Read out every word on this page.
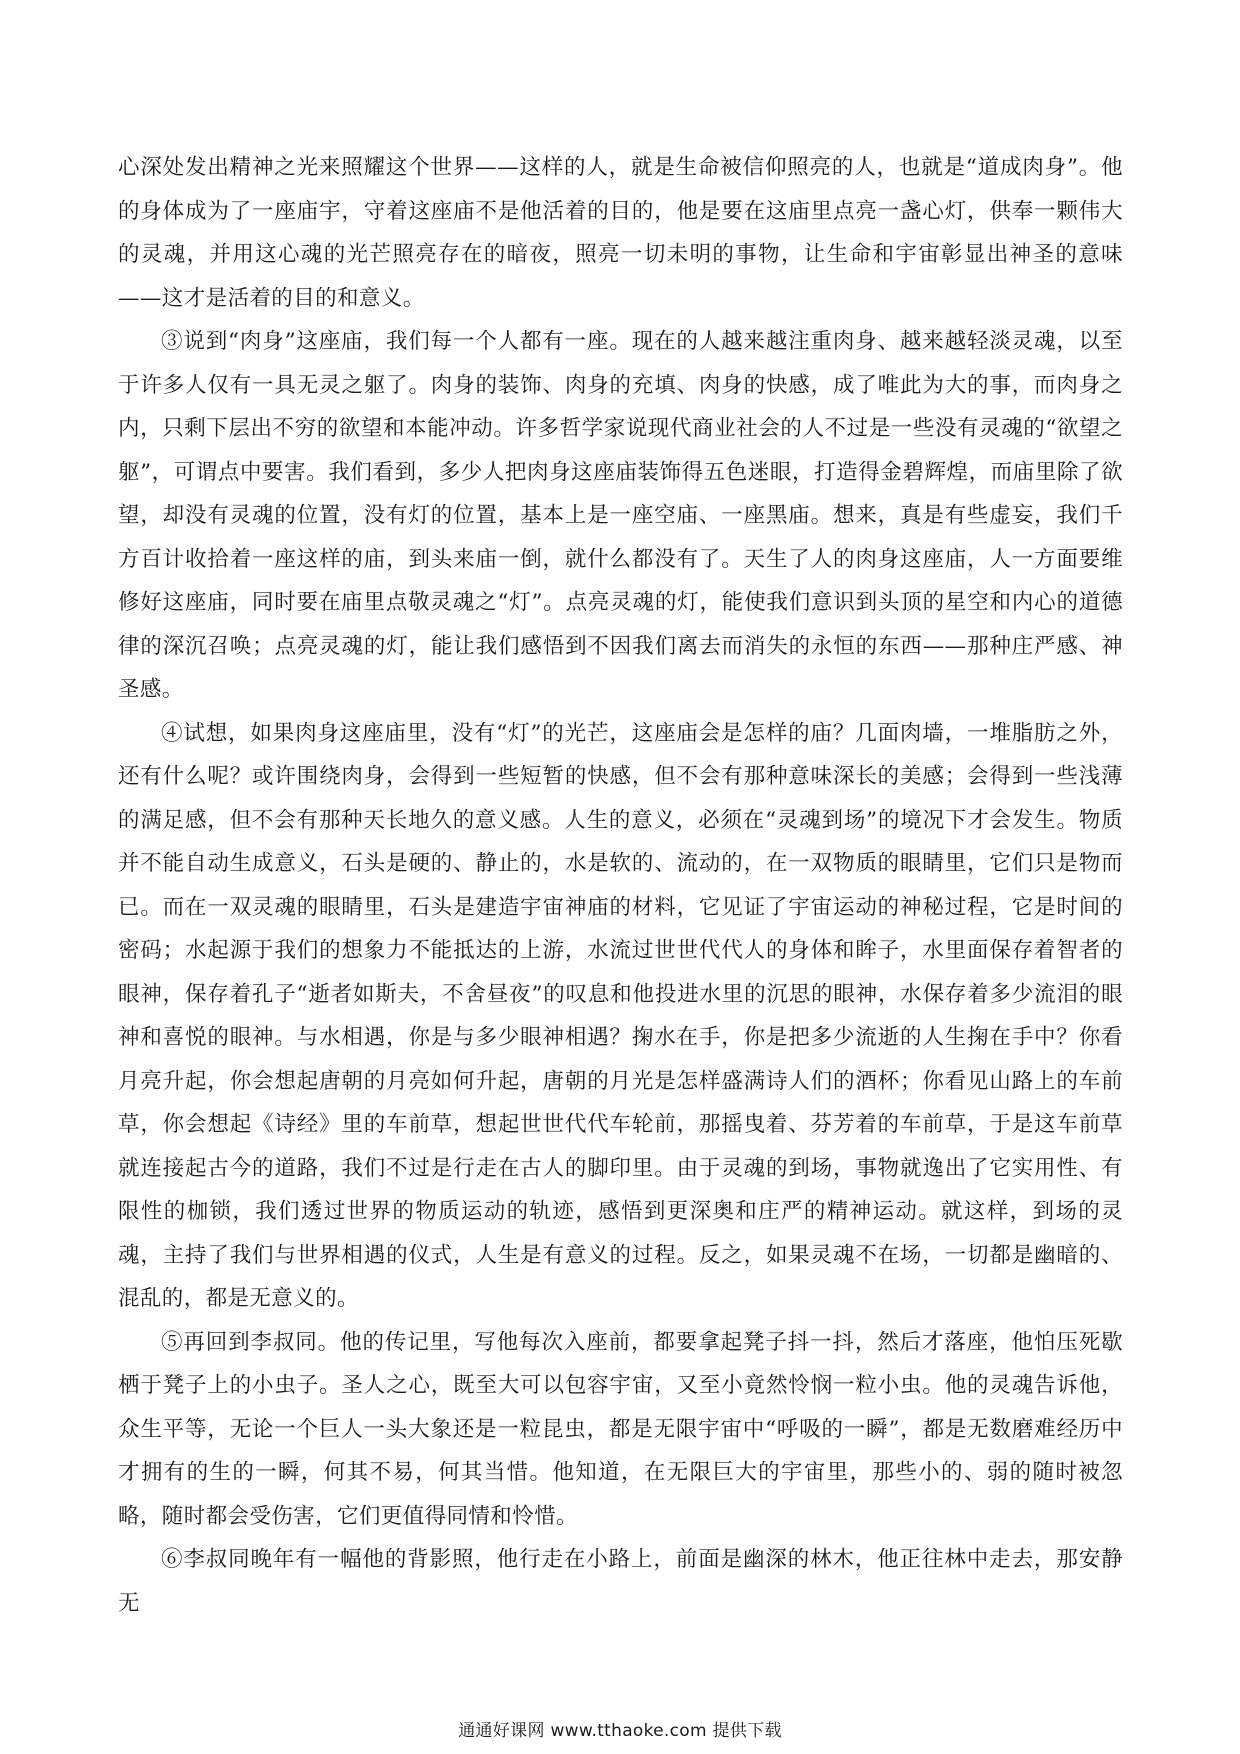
心深处发出精神之光来照耀这个世界——这样的人，就是生命被信仰照亮的人，也就是“道成肉身”。他的身体成为了一座庙宇，守着这座庙不是他活着的目的，他是要在这庙里点亮一盏心灯，供奉一颗伟大的灵魂，并用这心魂的光芒照亮存在的暗夜，照亮一切未明的事物，让生命和宇宙彰显出神圣的意味——这才是活着的目的和意义。

③说到“肉身”这座庙，我们每一个人都有一座。现在的人越来越注重肉身、越来越轻淡灵魂，以至于许多人仅有一具无灵之躯了。肉身的装饰、肉身的充填、肉身的快感，成了唯此为大的事，而肉身之内，只剩下层出不穷的欲望和本能冲动。许多哲学家说现代商业社会的人不过是一些没有灵魂的“欲望之躯”，可谓点中要害。我们看到，多少人把肉身这座庙装饰得五色迷眼，打造得金碧辉煌，而庙里除了欲望，却没有灵魂的位置，没有灯的位置，基本上是一座空庙、一座黑庙。想来，真是有些虚妄，我们千方百计收拾着一座这样的庙，到头来庙一倒，就什么都没有了。天生了人的肉身这座庙，人一方面要维修好这座庙，同时要在庙里点敬灵魂之“灯”。点亮灵魂的灯，能使我们意识到头顶的星空和内心的道德律的深沉召唤；点亮灵魂的灯，能让我们感悟到不因我们离去而消失的永恒的东西——那种庄严感、神圣感。

④试想，如果肉身这座庙里，没有“灯”的光芒，这座庙会是怎样的庙？几面肉墙，一堆脂肪之外，还有什么呢？或许围绕肉身，会得到一些短暂的快感，但不会有那种意味深长的美感；会得到一些浅薄的满足感，但不会有那种天长地久的意义感。人生的意义，必须在“灵魂到场”的境况下才会发生。物质并不能自动生成意义，石头是硬的、静止的，水是软的、流动的，在一双物质的眼睛里，它们只是物而已。而在一双灵魂的眼睛里，石头是建造宇宙神庙的材料，它见证了宇宙运动的神秘过程，它是时间的密码；水起源于我们的想象力不能抵达的上游，水流过世世代代人的身体和眸子，水里面保存着智者的眼神，保存着孔子“逝者如斯夫，不舍昼夜”的叹息和他投进水里的沉思的眼神，水保存着多少流泪的眼神和喜悦的眼神。与水相遇，你是与多少眼神相遇？掬水在手，你是把多少流逝的人生掬在手中？你看月亮升起，你会想起唐朝的月亮如何升起，唐朝的月光是怎样盛满诗人们的酒杯；你看见山路上的车前草，你会想起《诗经》里的车前草，想起世世代代车轮前，那摇曳着、芬芳着的车前草，于是这车前草就连接起古今的道路，我们不过是行走在古人的脚印里。由于灵魂的到场，事物就逸出了它实用性、有限性的枷锁，我们透过世界的物质运动的轨迹，感悟到更深奥和庄严的精神运动。就这样，到场的灵魂，主持了我们与世界相遇的仪式，人生是有意义的过程。反之，如果灵魂不在场，一切都是幽暗的、混乱的，都是无意义的。

⑤再回到李叔同。他的传记里，写他每次入座前，都要拿起凳子抖一抖，然后才落座，他怕压死歇栖于凳子上的小虫子。圣人之心，既至大可以包容宇宙，又至小竟然怜悯一粒小虫。他的灵魂告诉他，众生平等，无论一个巨人一头大象还是一粒昆虫，都是无限宇宙中“呼吸的一瞬”，都是无数磨难经历中才拥有的生的一瞬，何其不易，何其当惜。他知道，在无限巨大的宇宙里，那些小的、弱的随时被忽略，随时都会受伤害，它们更值得同情和怜惜。

⑥李叔同晚年有一幅他的背影照，他行走在小路上，前面是幽深的林木，他正往林中走去，那安静无

通通好课网 www.tthaoke.com 提供下载
